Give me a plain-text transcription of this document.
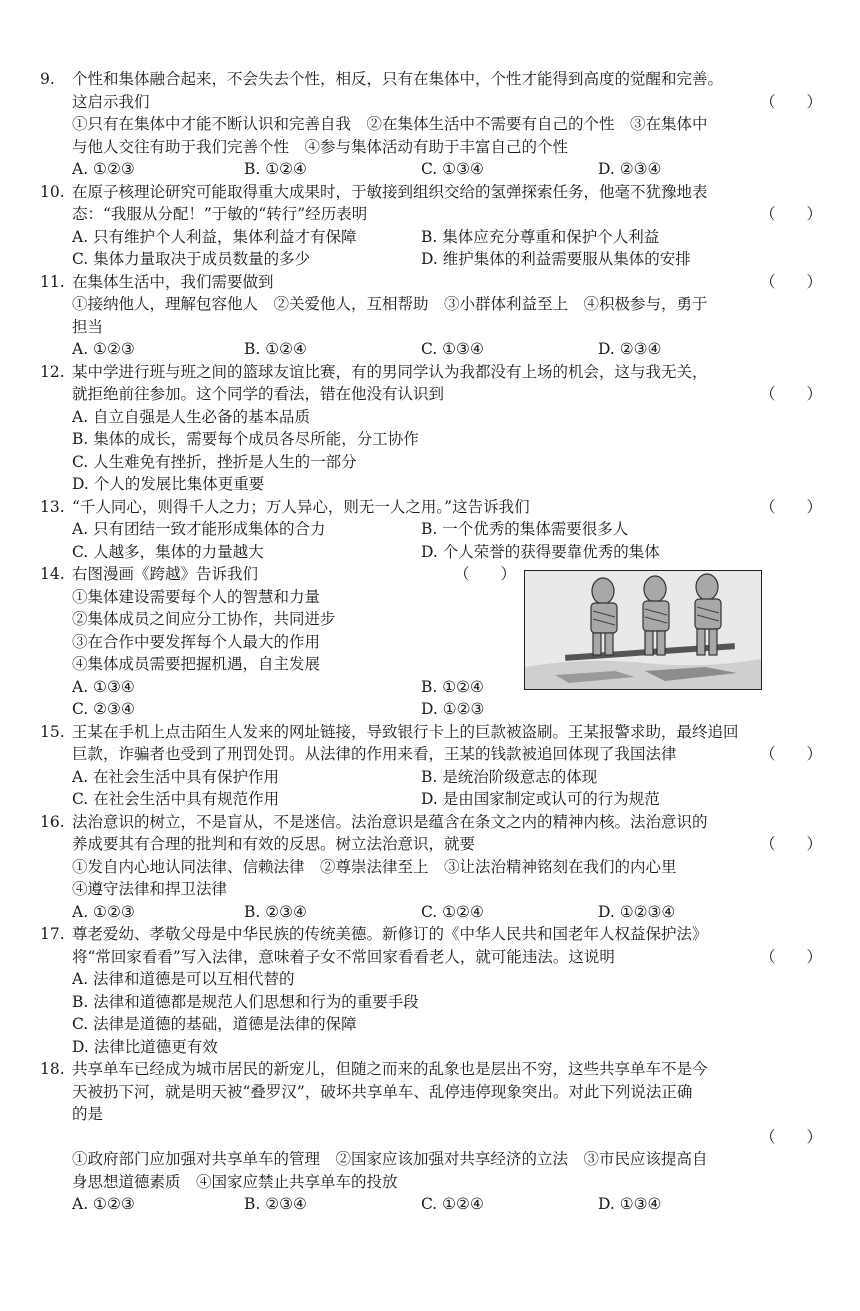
9.	个性和集体融合起来，不会失去个性，相反，只有在集体中，个性才能得到高度的觉醒和完善。
这启示我们	（　　）
①只有在集体中才能不断认识和完善自我　②在集体生活中不需要有自己的个性　③在集体中
与他人交往有助于我们完善个性　④参与集体活动有助于丰富自己的个性
A. ①②③	B. ①②④	C. ①③④	D. ②③④
10. 在原子核理论研究可能取得重大成果时，于敏接到组织交给的氢弹探索任务，他毫不犹豫地表
态：“我服从分配！”于敏的“转行”经历表明	（　　）
A. 只有维护个人利益，集体利益才有保障	B. 集体应充分尊重和保护个人利益
C. 集体力量取决于成员数量的多少	D. 维护集体的利益需要服从集体的安排
11. 在集体生活中，我们需要做到	（　　）
①接纳他人，理解包容他人　②关爱他人，互相帮助　③小群体利益至上　④积极参与，勇于
担当
A. ①②③	B. ①②④	C. ①③④	D. ②③④
12. 某中学进行班与班之间的篮球友谊比赛，有的男同学认为我都没有上场的机会，这与我无关，
就拒绝前往参加。这个同学的看法，错在他没有认识到	（　　）
A. 自立自强是人生必备的基本品质
B. 集体的成长，需要每个成员各尽所能，分工协作
C. 人生难免有挫折，挫折是人生的一部分
D. 个人的发展比集体更重要
13. “千人同心，则得千人之力；万人异心，则无一人之用。”这告诉我们	（　　）
A. 只有团结一致才能形成集体的合力	B. 一个优秀的集体需要很多人
C. 人越多，集体的力量越大	D. 个人荣誉的获得要靠优秀的集体
14. 右图漫画《跨越》告诉我们	（　　）
①集体建设需要每个人的智慧和力量
②集体成员之间应分工协作，共同进步
③在合作中要发挥每个人最大的作用
④集体成员需要把握机遇，自主发展
A. ①③④	B. ①②④
C. ②③④	D. ①②③
15. 王某在手机上点击陌生人发来的网址链接，导致银行卡上的巨款被盗刷。王某报警求助，最终追回
巨款，诈骗者也受到了刑罚处罚。从法律的作用来看，王某的钱款被追回体现了我国法律	（　　）
A. 在社会生活中具有保护作用	B. 是统治阶级意志的体现
C. 在社会生活中具有规范作用	D. 是由国家制定或认可的行为规范
16. 法治意识的树立，不是盲从，不是迷信。法治意识是蕴含在条文之内的精神内核。法治意识的
养成要其有合理的批判和有效的反思。树立法治意识，就要	（　　）
①发自内心地认同法律、信赖法律　②尊崇法律至上　③让法治精神铭刻在我们的内心里
④遵守法律和捍卫法律
A. ①②③	B. ②③④	C. ①②④	D. ①②③④
17. 尊老爱幼、孝敬父母是中华民族的传统美德。新修订的《中华人民共和国老年人权益保护法》
将“常回家看看”写入法律，意味着子女不常回家看看老人，就可能违法。这说明	（　　）
A. 法律和道德是可以互相代替的
B. 法律和道德都是规范人们思想和行为的重要手段
C. 法律是道德的基础，道德是法律的保障
D. 法律比道德更有效
18. 共享单车已经成为城市居民的新宠儿，但随之而来的乱象也是层出不穷，这些共享单车不是今
天被扔下河，就是明天被“叠罗汉”，破坏共享单车、乱停违停现象突出。对此下列说法正确
的是
（　　）
①政府部门应加强对共享单车的管理　②国家应该加强对共享经济的立法　③市民应该提高自
身思想道德素质　④国家应禁止共享单车的投放
A. ①②③	B. ②③④	C. ①②④	D. ①③④
